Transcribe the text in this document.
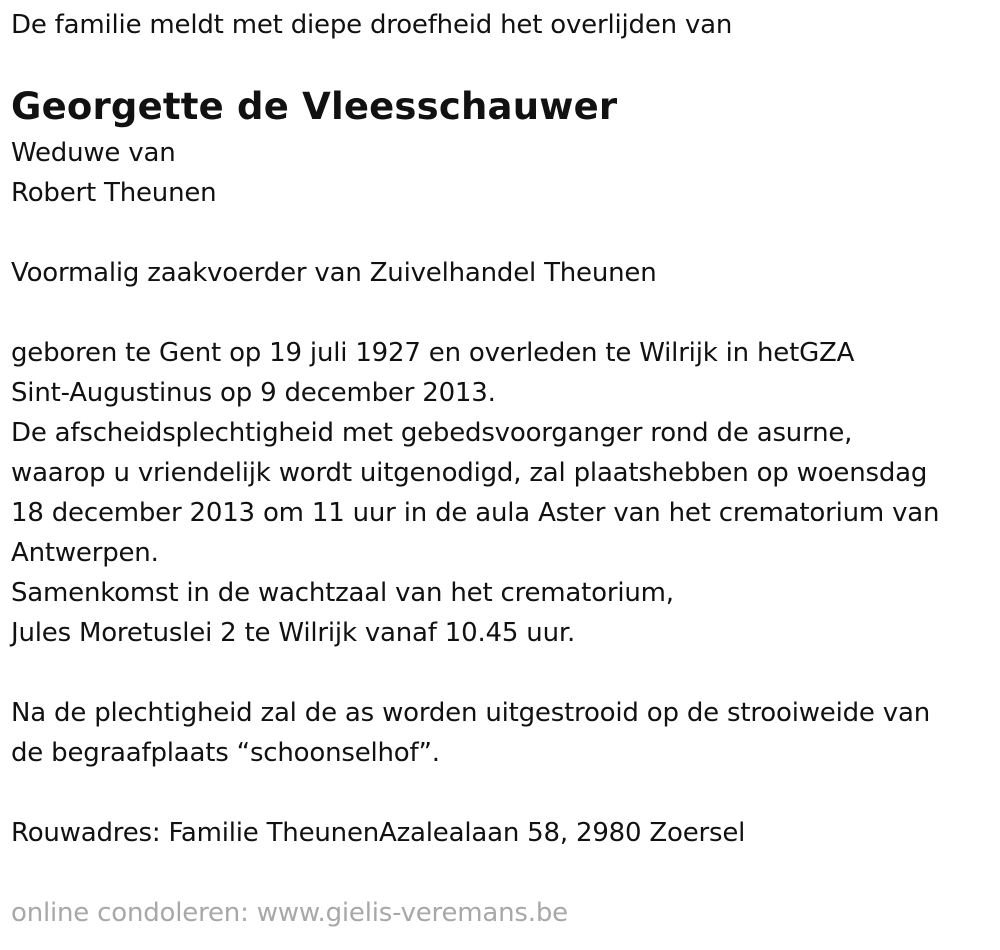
De familie meldt met diepe droefheid het overlijden van
Georgette de Vleesschauwer
Weduwe van
Robert Theunen
Voormalig zaakvoerder van Zuivelhandel Theunen
geboren te Gent op 19 juli 1927 en overleden te Wilrijk in hetGZA
Sint-Augustinus op 9 december 2013.
De afscheidsplechtigheid met gebedsvoorganger rond de asurne,
waarop u vriendelijk wordt uitgenodigd, zal plaatshebben op woensdag
18 december 2013 om 11 uur in de aula Aster van het crematorium van
Antwerpen.
Samenkomst in de wachtzaal van het crematorium,
Jules Moretuslei 2 te Wilrijk vanaf 10.45 uur.
Na de plechtigheid zal de as worden uitgestrooid op de strooiweide van
de begraafplaats “schoonselhof”.
Rouwadres: Familie TheunenAzalealaan 58, 2980 Zoersel
online condoleren: www.gielis-veremans.be
